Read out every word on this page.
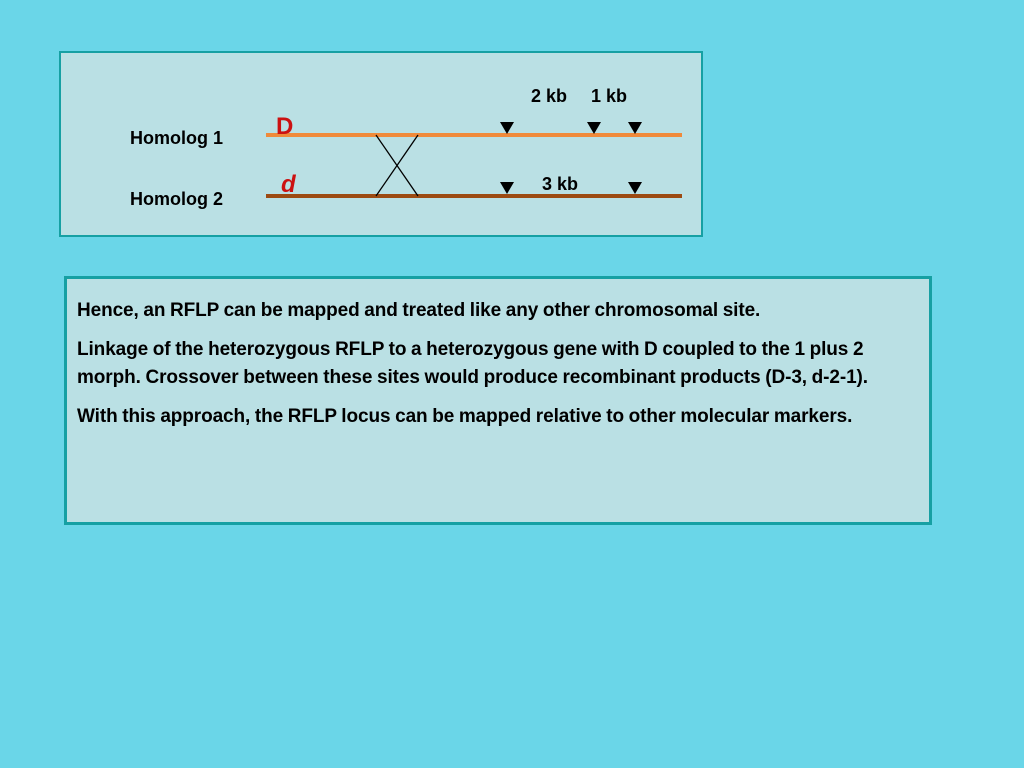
Homolog 1
Homolog 2
D
d
2 kb 1 kb
3 kb

Hence, an RFLP can be mapped and treated like any other chromosomal site.

Linkage of the heterozygous RFLP to a heterozygous gene with D coupled to the 1 plus 2 morph. Crossover between these sites would produce recombinant products (D-3, d-2-1).

With this approach, the RFLP locus can be mapped relative to other molecular markers.
